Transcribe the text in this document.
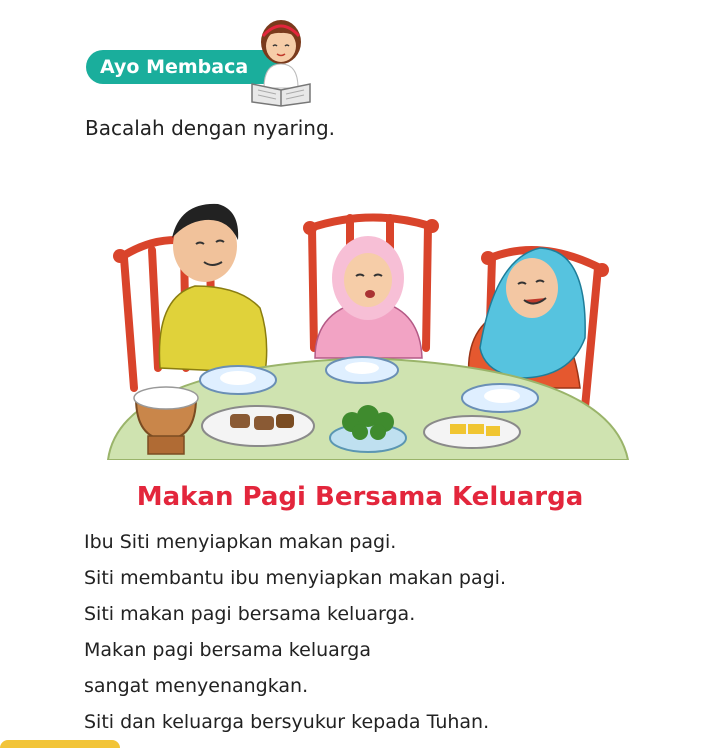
Ayo Membaca
Bacalah dengan nyaring.
Makan Pagi Bersama Keluarga
Ibu Siti menyiapkan makan pagi.
Siti membantu ibu menyiapkan makan pagi.
Siti makan pagi bersama keluarga.
Makan pagi bersama keluarga
sangat menyenangkan.
Siti dan keluarga bersyukur kepada Tuhan.
